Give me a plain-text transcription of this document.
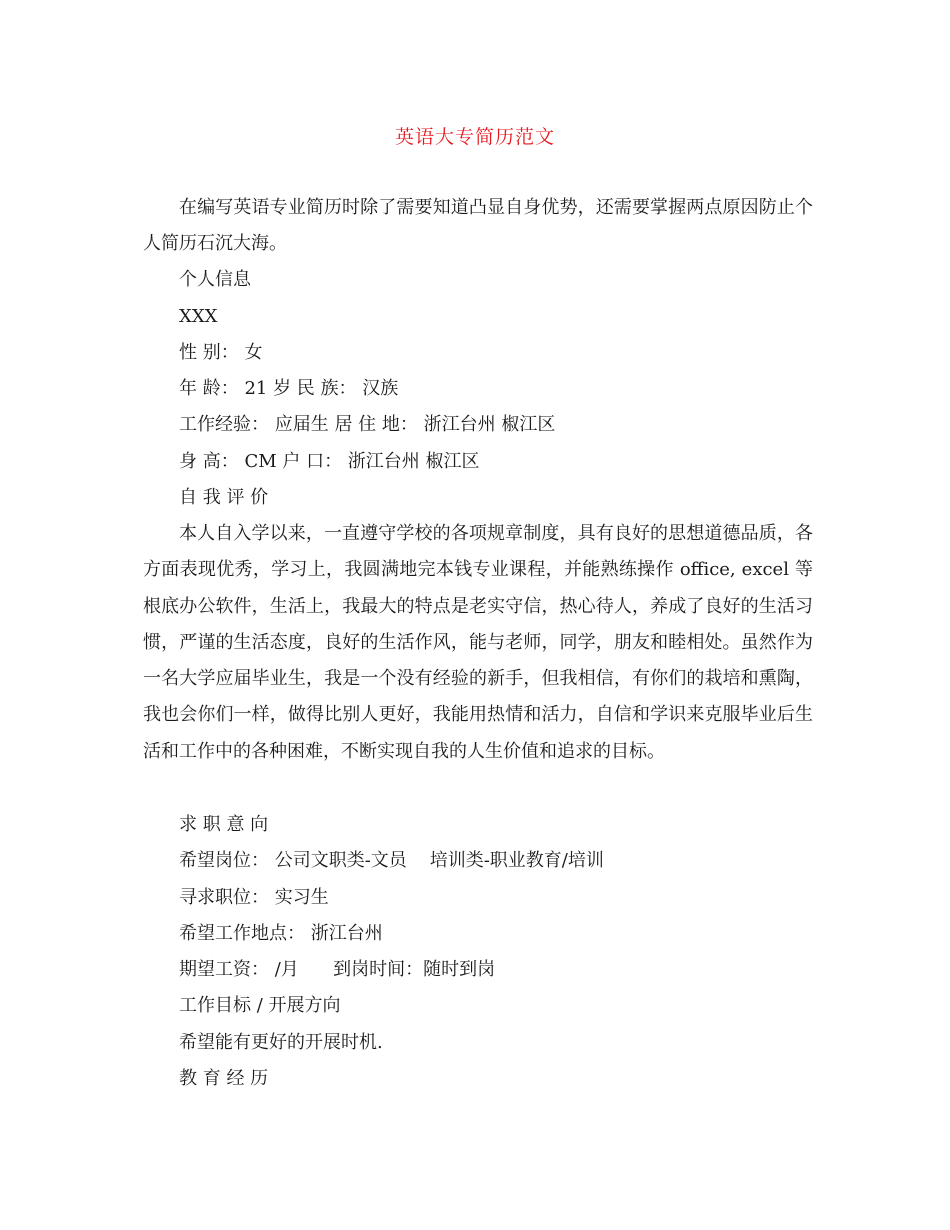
英语大专简历范文

在编写英语专业简历时除了需要知道凸显自身优势，还需要掌握两点原因防止个人简历石沉大海。

个人信息

XXX

性 别： 女

年 龄： 21 岁 民 族： 汉族

工作经验： 应届生 居 住 地： 浙江台州 椒江区

身 高： CM 户 口： 浙江台州 椒江区

自 我 评 价

本人自入学以来，一直遵守学校的各项规章制度，具有良好的思想道德品质，各方面表现优秀，学习上，我圆满地完本钱专业课程，并能熟练操作 office, excel 等根底办公软件，生活上，我最大的特点是老实守信，热心待人，养成了良好的生活习惯，严谨的生活态度，良好的生活作风，能与老师，同学，朋友和睦相处。虽然作为一名大学应届毕业生，我是一个没有经验的新手，但我相信，有你们的栽培和熏陶，我也会你们一样，做得比别人更好，我能用热情和活力，自信和学识来克服毕业后生活和工作中的各种困难，不断实现自我的人生价值和追求的目标。

求 职 意 向

希望岗位： 公司文职类-文员    培训类-职业教育/培训

寻求职位： 实习生

希望工作地点： 浙江台州

期望工资： /月      到岗时间：随时到岗

工作目标 / 开展方向

希望能有更好的开展时机.

教 育 经 历
